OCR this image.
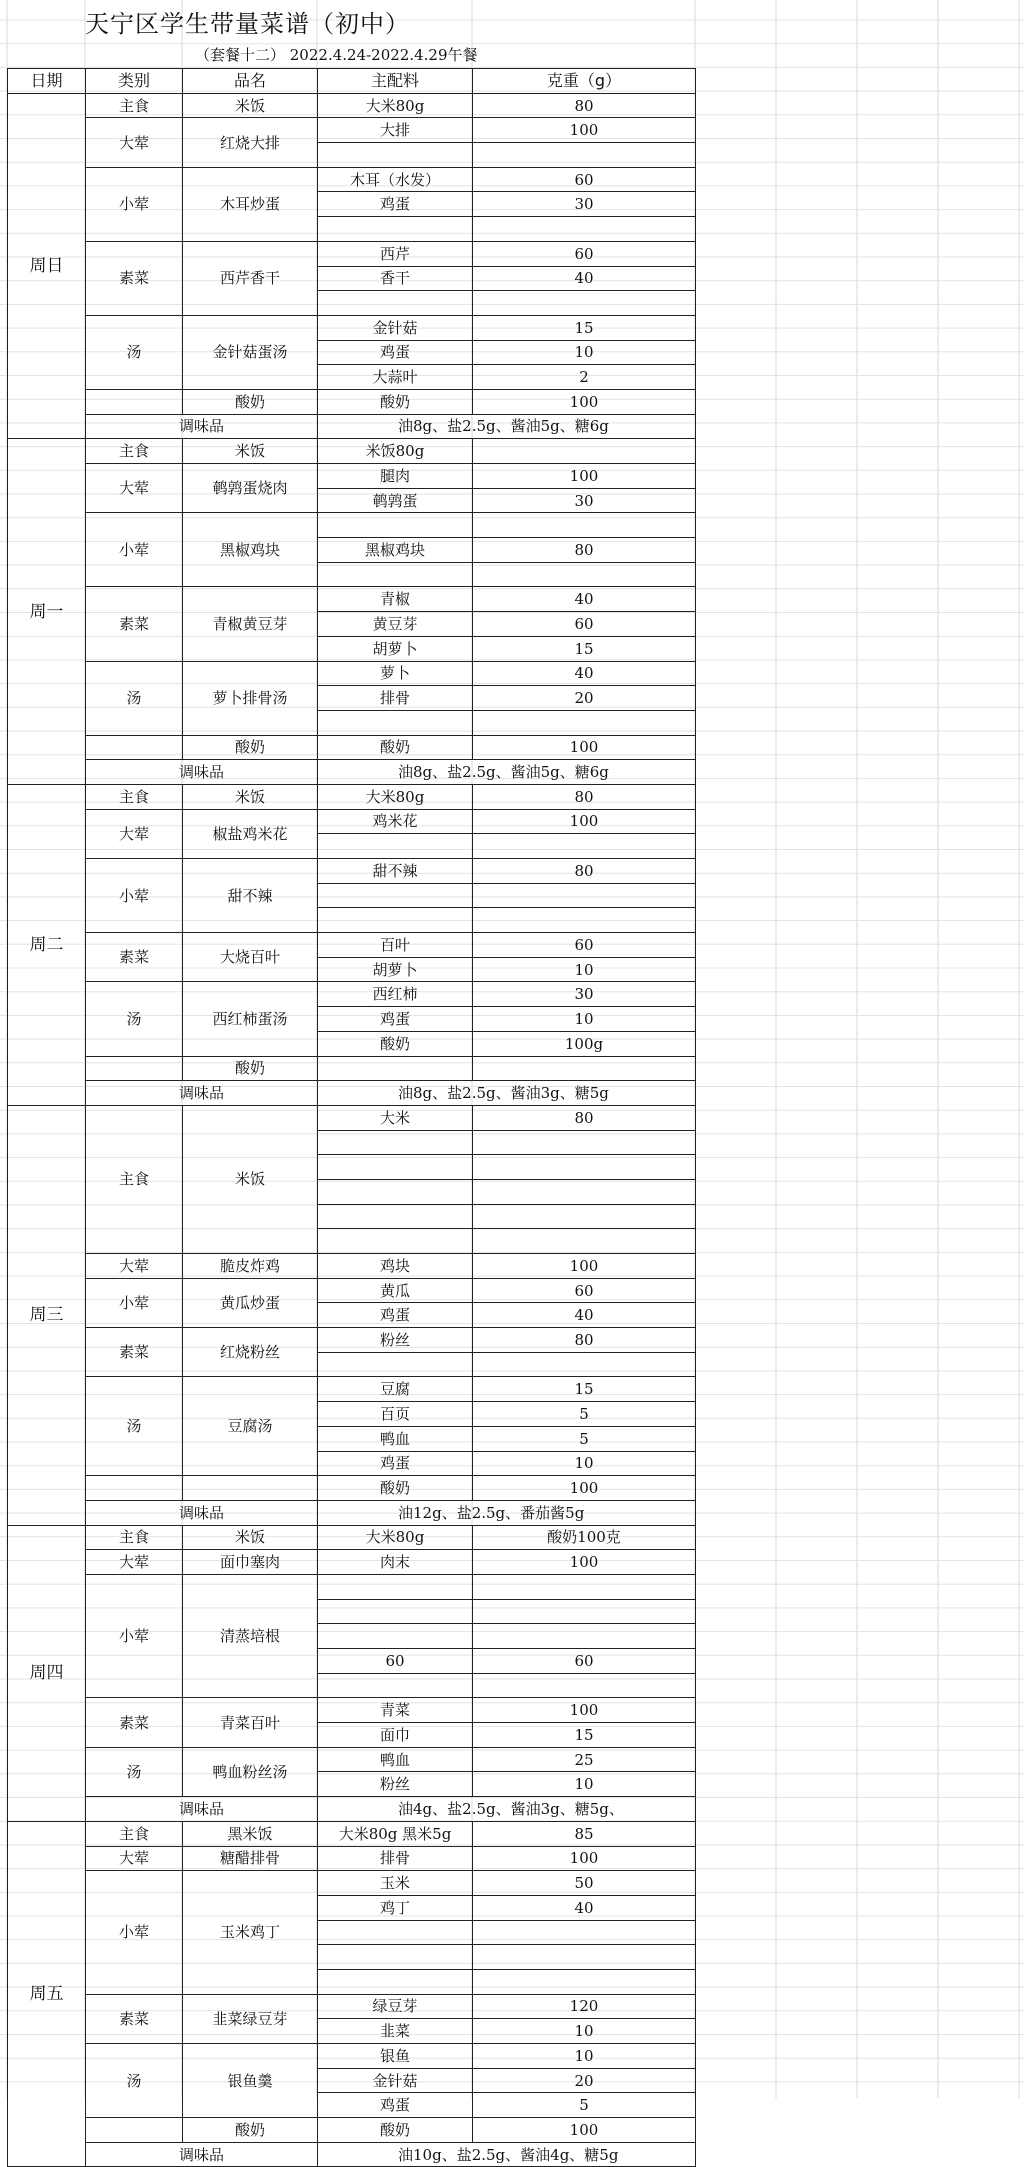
天宁区学生带量菜谱（初中）
（套餐十二） 2022.4.24-2022.4.29午餐
日期	类别	品名	主配料	克重（g）
周日	主食	米饭	大米80g	80
	大荤	红烧大排	大排	100

	小荤	木耳炒蛋	木耳（水发）	60
			鸡蛋	30

	素菜	西芹香干	西芹	60
			香干	40

	汤	金针菇蛋汤	金针菇	15
			鸡蛋	10
			大蒜叶	2
		酸奶	酸奶	100
	调味品		油8g、盐2.5g、酱油5g、糖6g	
周一	主食	米饭	米饭80g	
	大荤	鹌鹑蛋烧肉	腿肉	100
			鹌鹑蛋	30
	小荤	黑椒鸡块		
			黑椒鸡块	80

	素菜	青椒黄豆芽	青椒	40
			黄豆芽	60
			胡萝卜	15
	汤	萝卜排骨汤	萝卜	40
			排骨	20

		酸奶	酸奶	100
	调味品		油8g、盐2.5g、酱油5g、糖6g	
周二	主食	米饭	大米80g	80
	大荤	椒盐鸡米花	鸡米花	100

	小荤	甜不辣	甜不辣	80

	素菜	大烧百叶	百叶	60
			胡萝卜	10
	汤	西红柿蛋汤	西红柿	30
			鸡蛋	10
			酸奶	100g
		酸奶		
	调味品		油8g、盐2.5g、酱油3g、糖5g	
周三	主食	米饭	大米	80

	大荤	脆皮炸鸡	鸡块	100
	小荤	黄瓜炒蛋	黄瓜	60
			鸡蛋	40
	素菜	红烧粉丝	粉丝	80

	汤	豆腐汤	豆腐	15
			百页	5
			鸭血	5
			鸡蛋	10
			酸奶	100
	调味品		油12g、盐2.5g、番茄酱5g	
周四	主食	米饭	大米80g	酸奶100克
	大荤	面巾塞肉	肉末	100
	小荤	清蒸培根		

			60	60

	素菜	青菜百叶	青菜	100
			面巾	15
	汤	鸭血粉丝汤	鸭血	25
			粉丝	10
	调味品		油4g、盐2.5g、酱油3g、糖5g、	
周五	主食	黑米饭	大米80g 黑米5g	85
	大荤	糖醋排骨	排骨	100
	小荤	玉米鸡丁	玉米	50
			鸡丁	40

	素菜	韭菜绿豆芽	绿豆芽	120
			韭菜	10
	汤	银鱼羹	银鱼	10
			金针菇	20
			鸡蛋	5
		酸奶	酸奶	100
	调味品		油10g、盐2.5g、酱油4g、糖5g	
